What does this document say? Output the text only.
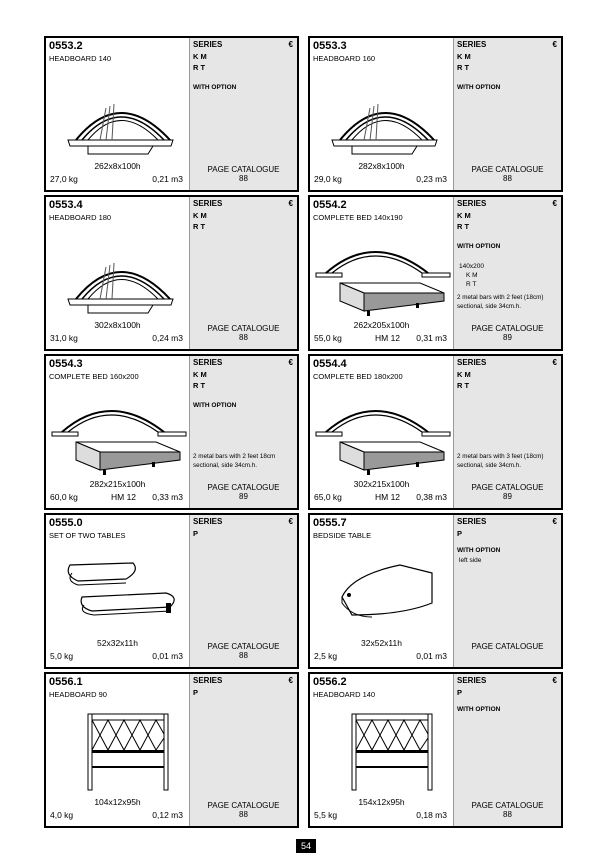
0553.2
HEADBOARD 140
262x8x100h
27,0 kg	0,21 m3
SERIES	€
K M
R T
WITH OPTION
PAGE CATALOGUE
88
0553.3
HEADBOARD 160
282x8x100h
29,0 kg	0,23 m3
SERIES	€
K M
R T
WITH OPTION
PAGE CATALOGUE
88
0553.4
HEADBOARD 180
302x8x100h
31,0 kg	0,24 m3
SERIES	€
K M
R T
PAGE CATALOGUE
88
0554.2
COMPLETE BED 140x190
262x205x100h
55,0 kg	HM 12 0,31 m3
SERIES	€
K M
R T
WITH OPTION
140x200
K M
R T
2 metal bars with 2 feet (18cm) sectional, side 34cm.h.
PAGE CATALOGUE
89
0554.3
COMPLETE BED 160x200
282x215x100h
60,0 kg	HM 12 0,33 m3
SERIES	€
K M
R T
WITH OPTION
2 metal bars with 2 feet 18cm sectional, side 34cm.h.
PAGE CATALOGUE
89
0554.4
COMPLETE BED 180x200
302x215x100h
65,0 kg	HM 12 0,38 m3
SERIES	€
K M
R T
2 metal bars with 3 feet (18cm) sectional, side 34cm.h.
PAGE CATALOGUE
89
0555.0
SET OF TWO TABLES
52x32x11h
5,0 kg	0,01 m3
SERIES	€
P
PAGE CATALOGUE
88
0555.7
BEDSIDE TABLE
32x52x11h
2,5 kg	0,01 m3
SERIES	€
P
WITH OPTION
left side
PAGE CATALOGUE
0556.1
HEADBOARD 90
104x12x95h
4,0 kg	0,12 m3
SERIES	€
P
PAGE CATALOGUE
88
0556.2
HEADBOARD 140
154x12x95h
5,5 kg	0,18 m3
SERIES	€
P
WITH OPTION
PAGE CATALOGUE
88
54
